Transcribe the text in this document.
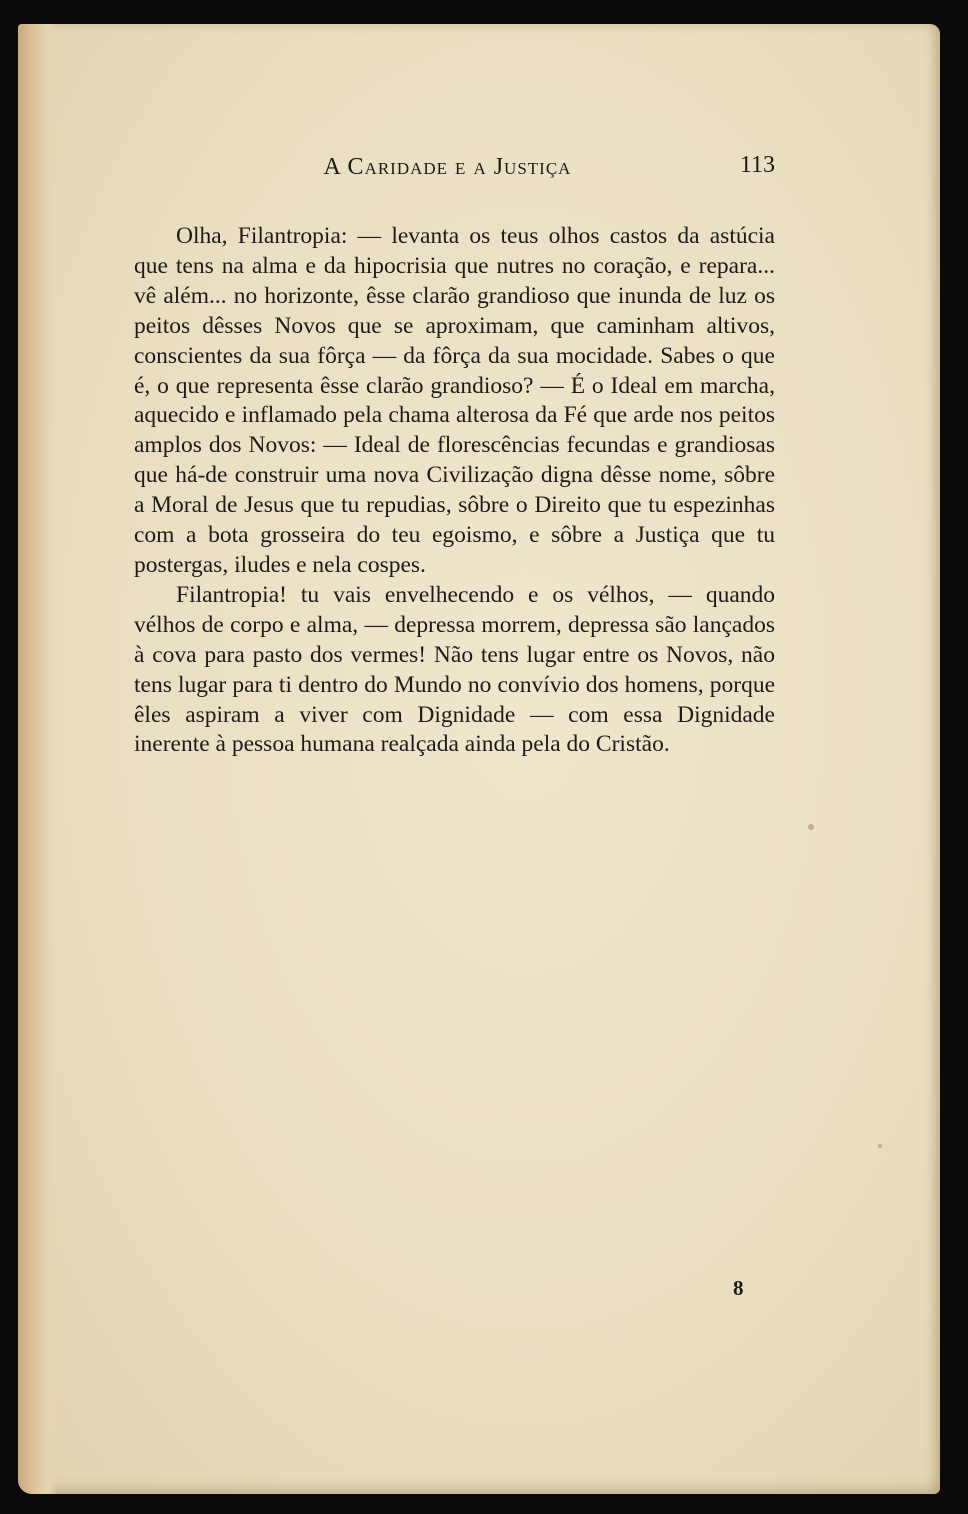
A Caridade e a Justiça	113

Olha, Filantropia: — levanta os teus olhos castos da astúcia que tens na alma e da hipocrisia que nutres no coração, e repara... vê além... no horizonte, êsse clarão grandioso que inunda de luz os peitos dêsses Novos que se aproximam, que caminham altivos, conscientes da sua fôrça — da fôrça da sua mocidade. Sabes o que é, o que representa êsse clarão grandioso? — É o Ideal em marcha, aquecido e inflamado pela chama alterosa da Fé que arde nos peitos amplos dos Novos: — Ideal de florescências fecundas e grandiosas que há-de construir uma nova Civilização digna dêsse nome, sôbre a Moral de Jesus que tu repudias, sôbre o Direito que tu espezinhas com a bota grosseira do teu egoismo, e sôbre a Justiça que tu postergas, iludes e nela cospes.

Filantropia! tu vais envelhecendo e os vélhos, — quando vélhos de corpo e alma, — depressa morrem, depressa são lançados à cova para pasto dos vermes! Não tens lugar entre os Novos, não tens lugar para ti dentro do Mundo no convívio dos homens, porque êles aspiram a viver com Dignidade — com essa Dignidade inerente à pessoa humana realçada ainda pela do Cristão.

8
